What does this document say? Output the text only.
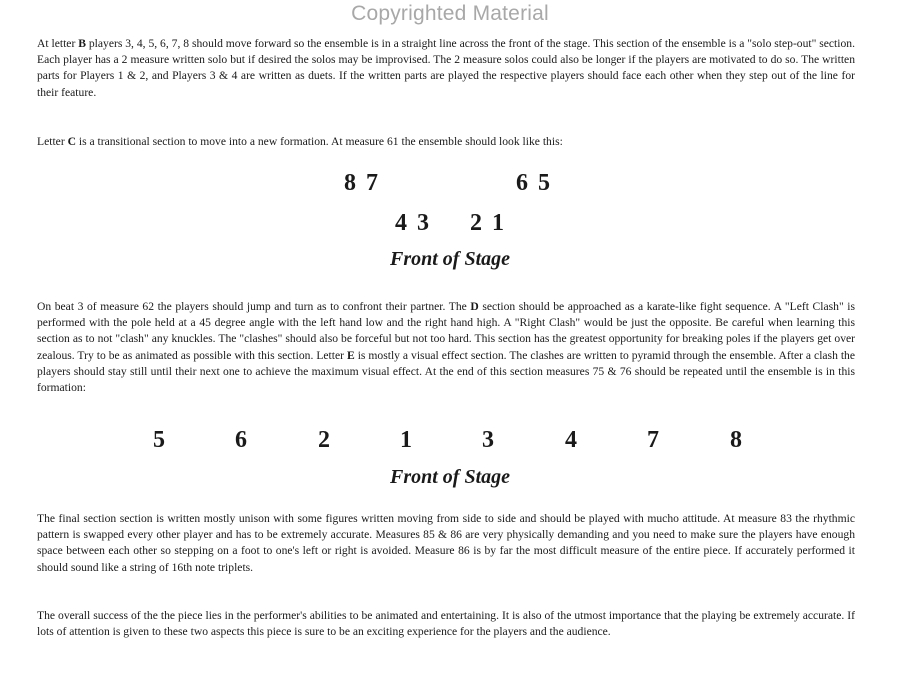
Copyrighted Material

At letter B players 3, 4, 5, 6, 7, 8 should move forward so the ensemble is in a straight line across the front of the stage. This section of the ensemble is a "solo step-out" section. Each player has a 2 measure written solo but if desired the solos may be improvised. The 2 measure solos could also be longer if the players are motivated to do so. The written parts for Players 1 & 2, and Players 3 & 4 are written as duets. If the written parts are played the respective players should face each other when they step out of the line for their feature.

Letter C is a transitional section to move into a new formation. At measure 61 the ensemble should look like this:

8 7	6 5
4 3 2 1
Front of Stage

On beat 3 of measure 62 the players should jump and turn as to confront their partner. The D section should be approached as a karate-like fight sequence. A "Left Clash" is performed with the pole held at a 45 degree angle with the left hand low and the right hand high. A "Right Clash" would be just the opposite. Be careful when learning this section as to not "clash" any knuckles. The "clashes" should also be forceful but not too hard. This section has the greatest opportunity for breaking poles if the players get over zealous. Try to be as animated as possible with this section. Letter E is mostly a visual effect section. The clashes are written to pyramid through the ensemble. After a clash the players should stay still until their next one to achieve the maximum visual effect. At the end of this section measures 75 & 76 should be repeated until the ensemble is in this formation:

5	6	2	1	3	4	7	8
Front of Stage

The final section section is written mostly unison with some figures written moving from side to side and should be played with mucho attitude. At measure 83 the rhythmic pattern is swapped every other player and has to be extremely accurate. Measures 85 & 86 are very physically demanding and you need to make sure the players have enough space between each other so stepping on a foot to one's left or right is avoided. Measure 86 is by far the most difficult measure of the entire piece. If accurately performed it should sound like a string of 16th note triplets.

The overall success of the the piece lies in the performer's abilities to be animated and entertaining. It is also of the utmost importance that the playing be extremely accurate. If lots of attention is given to these two aspects this piece is sure to be an exciting experience for the players and the audience.
